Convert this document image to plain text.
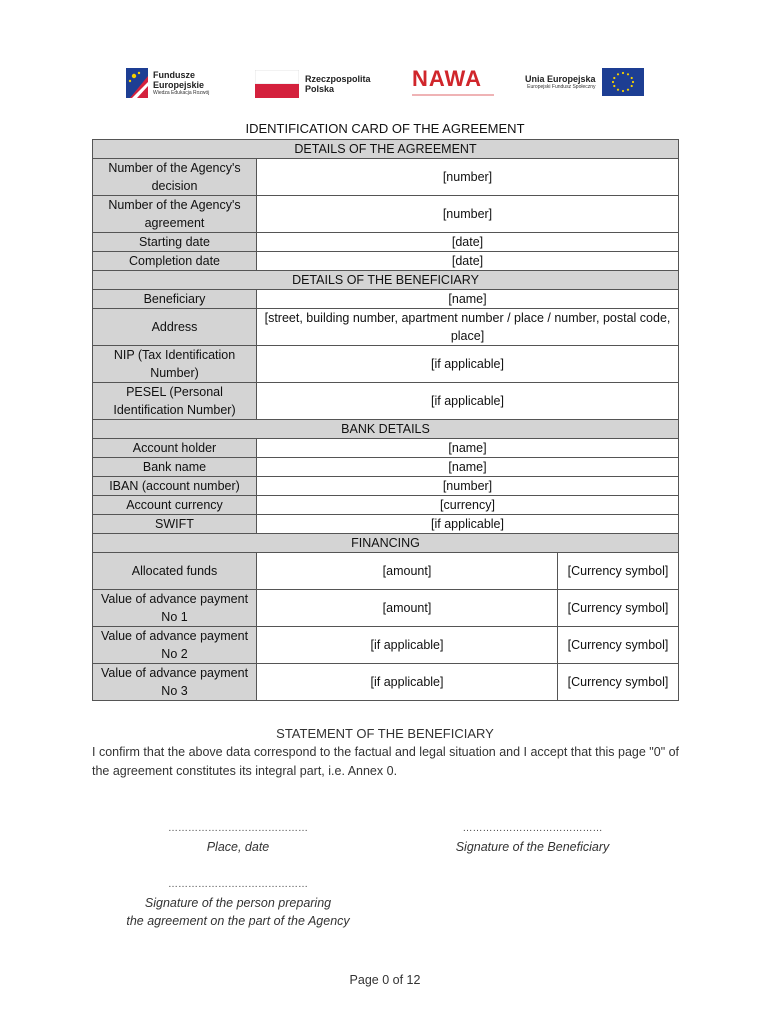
Fundusze
Europejskie
Wiedza Edukacja Rozwój
Rzeczpospolita
Polska	NAWA	Unia Europejska
Europejski Fundusz Społeczny
IDENTIFICATION CARD OF THE AGREEMENT
DETAILS OF THE AGREEMENT		
Number of the Agency's decision	[number]	
Number of the Agency's agreement	[number]	
Starting date	[date]	
Completion date	[date]	
DETAILS OF THE BENEFICIARY		
Beneficiary	[name]	
Address	[street, building number, apartment number / place / number, postal code, place]	
NIP (Tax Identification Number)	[if applicable]	
PESEL (Personal Identification Number)	[if applicable]	
BANK DETAILS		
Account holder	[name]	
Bank name	[name]	
IBAN (account number)	[number]	
Account currency	[currency]	
SWIFT	[if applicable]	
FINANCING		
Allocated funds	[amount]	[Currency symbol]
Value of advance payment No 1	[amount]	[Currency symbol]
Value of advance payment No 2	[if applicable]	[Currency symbol]
Value of advance payment No 3	[if applicable]	[Currency symbol]
STATEMENT OF THE BENEFICIARY
I confirm that the above data correspond to the factual and legal situation and I accept that this page "0" of the agreement constitutes its integral part, i.e. Annex 0.
……………………………………
Place, date
……………………………………
Signature of the Beneficiary
……………………………………
Signature of the person preparing
the agreement on the part of the Agency
Page 0 of 12
